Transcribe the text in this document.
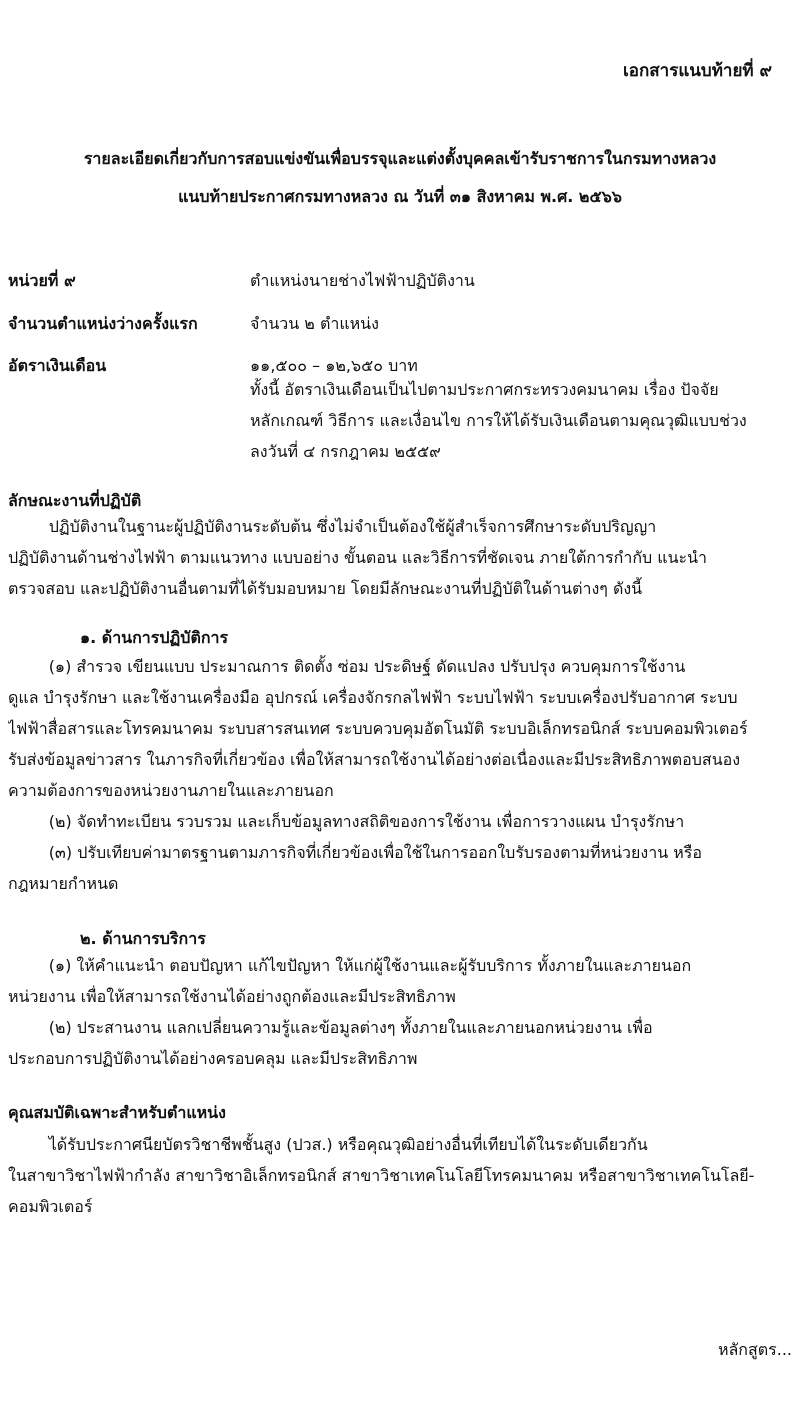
เอกสารแนบท้ายที่ ๙
รายละเอียดเกี่ยวกับการสอบแข่งขันเพื่อบรรจุและแต่งตั้งบุคคลเข้ารับราชการในกรมทางหลวง
แนบท้ายประกาศกรมทางหลวง ณ วันที่ ๓๑ สิงหาคม พ.ศ. ๒๕๖๖
หน่วยที่ ๙	ตำแหน่งนายช่างไฟฟ้าปฏิบัติงาน
จำนวนตำแหน่งว่างครั้งแรก	จำนวน ๒ ตำแหน่ง
อัตราเงินเดือน	๑๑,๕๐๐ – ๑๒,๖๕๐ บาท
ทั้งนี้ อัตราเงินเดือนเป็นไปตามประกาศกระทรวงคมนาคม เรื่อง ปัจจัย
หลักเกณฑ์ วิธีการ และเงื่อนไข การให้ได้รับเงินเดือนตามคุณวุฒิแบบช่วง
ลงวันที่ ๔ กรกฎาคม ๒๕๕๙
ลักษณะงานที่ปฏิบัติ
ปฏิบัติงานในฐานะผู้ปฏิบัติงานระดับต้น ซึ่งไม่จำเป็นต้องใช้ผู้สำเร็จการศึกษาระดับปริญญา
ปฏิบัติงานด้านช่างไฟฟ้า ตามแนวทาง แบบอย่าง ขั้นตอน และวิธีการที่ชัดเจน ภายใต้การกำกับ แนะนำ
ตรวจสอบ และปฏิบัติงานอื่นตามที่ได้รับมอบหมาย โดยมีลักษณะงานที่ปฏิบัติในด้านต่างๆ ดังนี้
๑. ด้านการปฏิบัติการ
(๑) สำรวจ เขียนแบบ ประมาณการ ติดตั้ง ซ่อม ประดิษฐ์ ดัดแปลง ปรับปรุง ควบคุมการใช้งาน
ดูแล บำรุงรักษา และใช้งานเครื่องมือ อุปกรณ์ เครื่องจักรกลไฟฟ้า ระบบไฟฟ้า ระบบเครื่องปรับอากาศ ระบบ
ไฟฟ้าสื่อสารและโทรคมนาคม ระบบสารสนเทศ ระบบควบคุมอัตโนมัติ ระบบอิเล็กทรอนิกส์ ระบบคอมพิวเตอร์
รับส่งข้อมูลข่าวสาร ในภารกิจที่เกี่ยวข้อง เพื่อให้สามารถใช้งานได้อย่างต่อเนื่องและมีประสิทธิภาพตอบสนอง
ความต้องการของหน่วยงานภายในและภายนอก
(๒) จัดทำทะเบียน รวบรวม และเก็บข้อมูลทางสถิติของการใช้งาน เพื่อการวางแผน บำรุงรักษา
(๓) ปรับเทียบค่ามาตรฐานตามภารกิจที่เกี่ยวข้องเพื่อใช้ในการออกใบรับรองตามที่หน่วยงาน หรือ
กฎหมายกำหนด
๒. ด้านการบริการ
(๑) ให้คำแนะนำ ตอบปัญหา แก้ไขปัญหา ให้แก่ผู้ใช้งานและผู้รับบริการ ทั้งภายในและภายนอก
หน่วยงาน เพื่อให้สามารถใช้งานได้อย่างถูกต้องและมีประสิทธิภาพ
(๒) ประสานงาน แลกเปลี่ยนความรู้และข้อมูลต่างๆ ทั้งภายในและภายนอกหน่วยงาน เพื่อ
ประกอบการปฏิบัติงานได้อย่างครอบคลุม และมีประสิทธิภาพ
คุณสมบัติเฉพาะสำหรับตำแหน่ง
ได้รับประกาศนียบัตรวิชาชีพชั้นสูง (ปวส.) หรือคุณวุฒิอย่างอื่นที่เทียบได้ในระดับเดียวกัน
ในสาขาวิชาไฟฟ้ากำลัง สาขาวิชาอิเล็กทรอนิกส์ สาขาวิชาเทคโนโลยีโทรคมนาคม หรือสาขาวิชาเทคโนโลยี-
คอมพิวเตอร์
หลักสูตร...
